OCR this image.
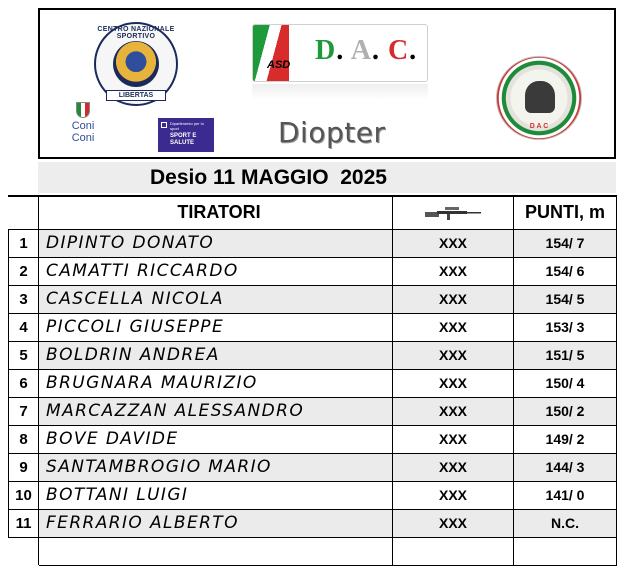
CENTRO NAZIONALE SPORTIVO
LIBERTAS
Coni
Coni
Dipartimento per lo sport
SPORT E SALUTE
ASD D. A. C.
Diopter	D A C
Desio 11 MAGGIO  2025
	TIRATORI		PUNTI, m
1	DIPINTO DONATO	XXX	154/ 7
2	CAMATTI RICCARDO	XXX	154/ 6
3	CASCELLA NICOLA	XXX	154/ 5
4	PICCOLI GIUSEPPE	XXX	153/ 3
5	BOLDRIN ANDREA	XXX	151/ 5
6	BRUGNARA MAURIZIO	XXX	150/ 4
7	MARCAZZAN ALESSANDRO	XXX	150/ 2
8	BOVE DAVIDE	XXX	149/ 2
9	SANTAMBROGIO MARIO	XXX	144/ 3
10	BOTTANI LUIGI	XXX	141/ 0
11	FERRARIO ALBERTO	XXX	N.C.
